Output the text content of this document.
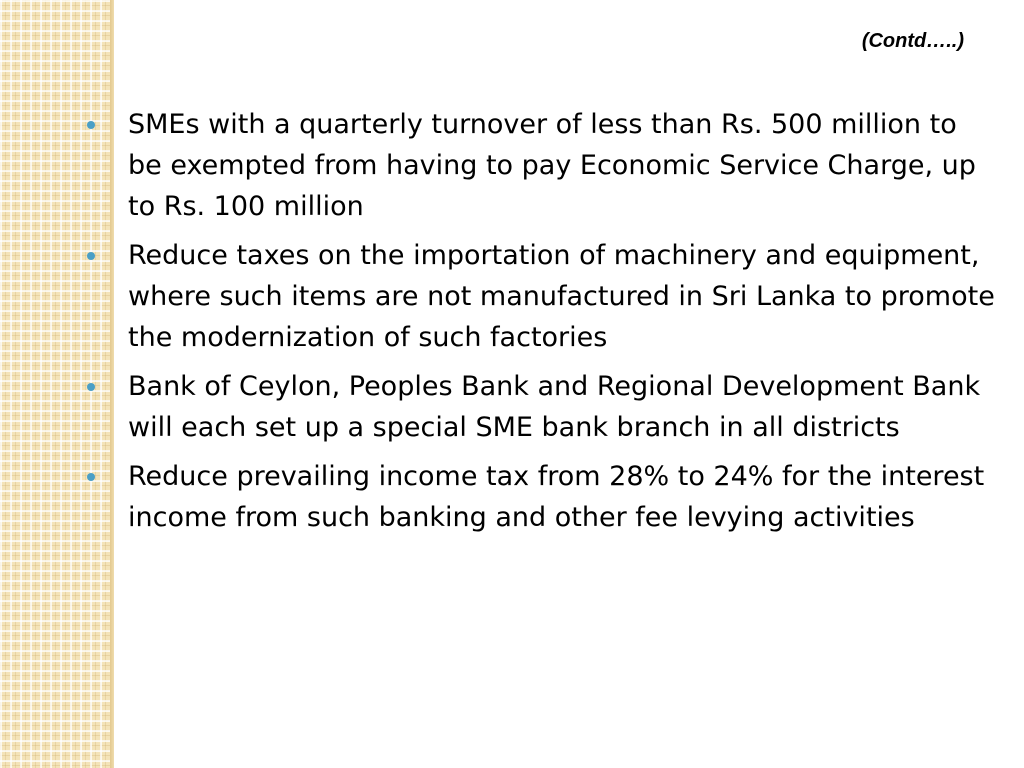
(Contd…..)
SMEs with a quarterly turnover of less than Rs. 500 million to be exempted from having to pay Economic Service Charge, up to Rs. 100 million
Reduce taxes on the importation of machinery and equipment, where such items are not manufactured in Sri Lanka to promote the modernization of such factories
Bank of Ceylon, Peoples Bank and Regional Development Bank will each set up a special SME bank branch in all districts
Reduce prevailing income tax from 28% to 24% for the interest income from such banking and other fee levying activities
